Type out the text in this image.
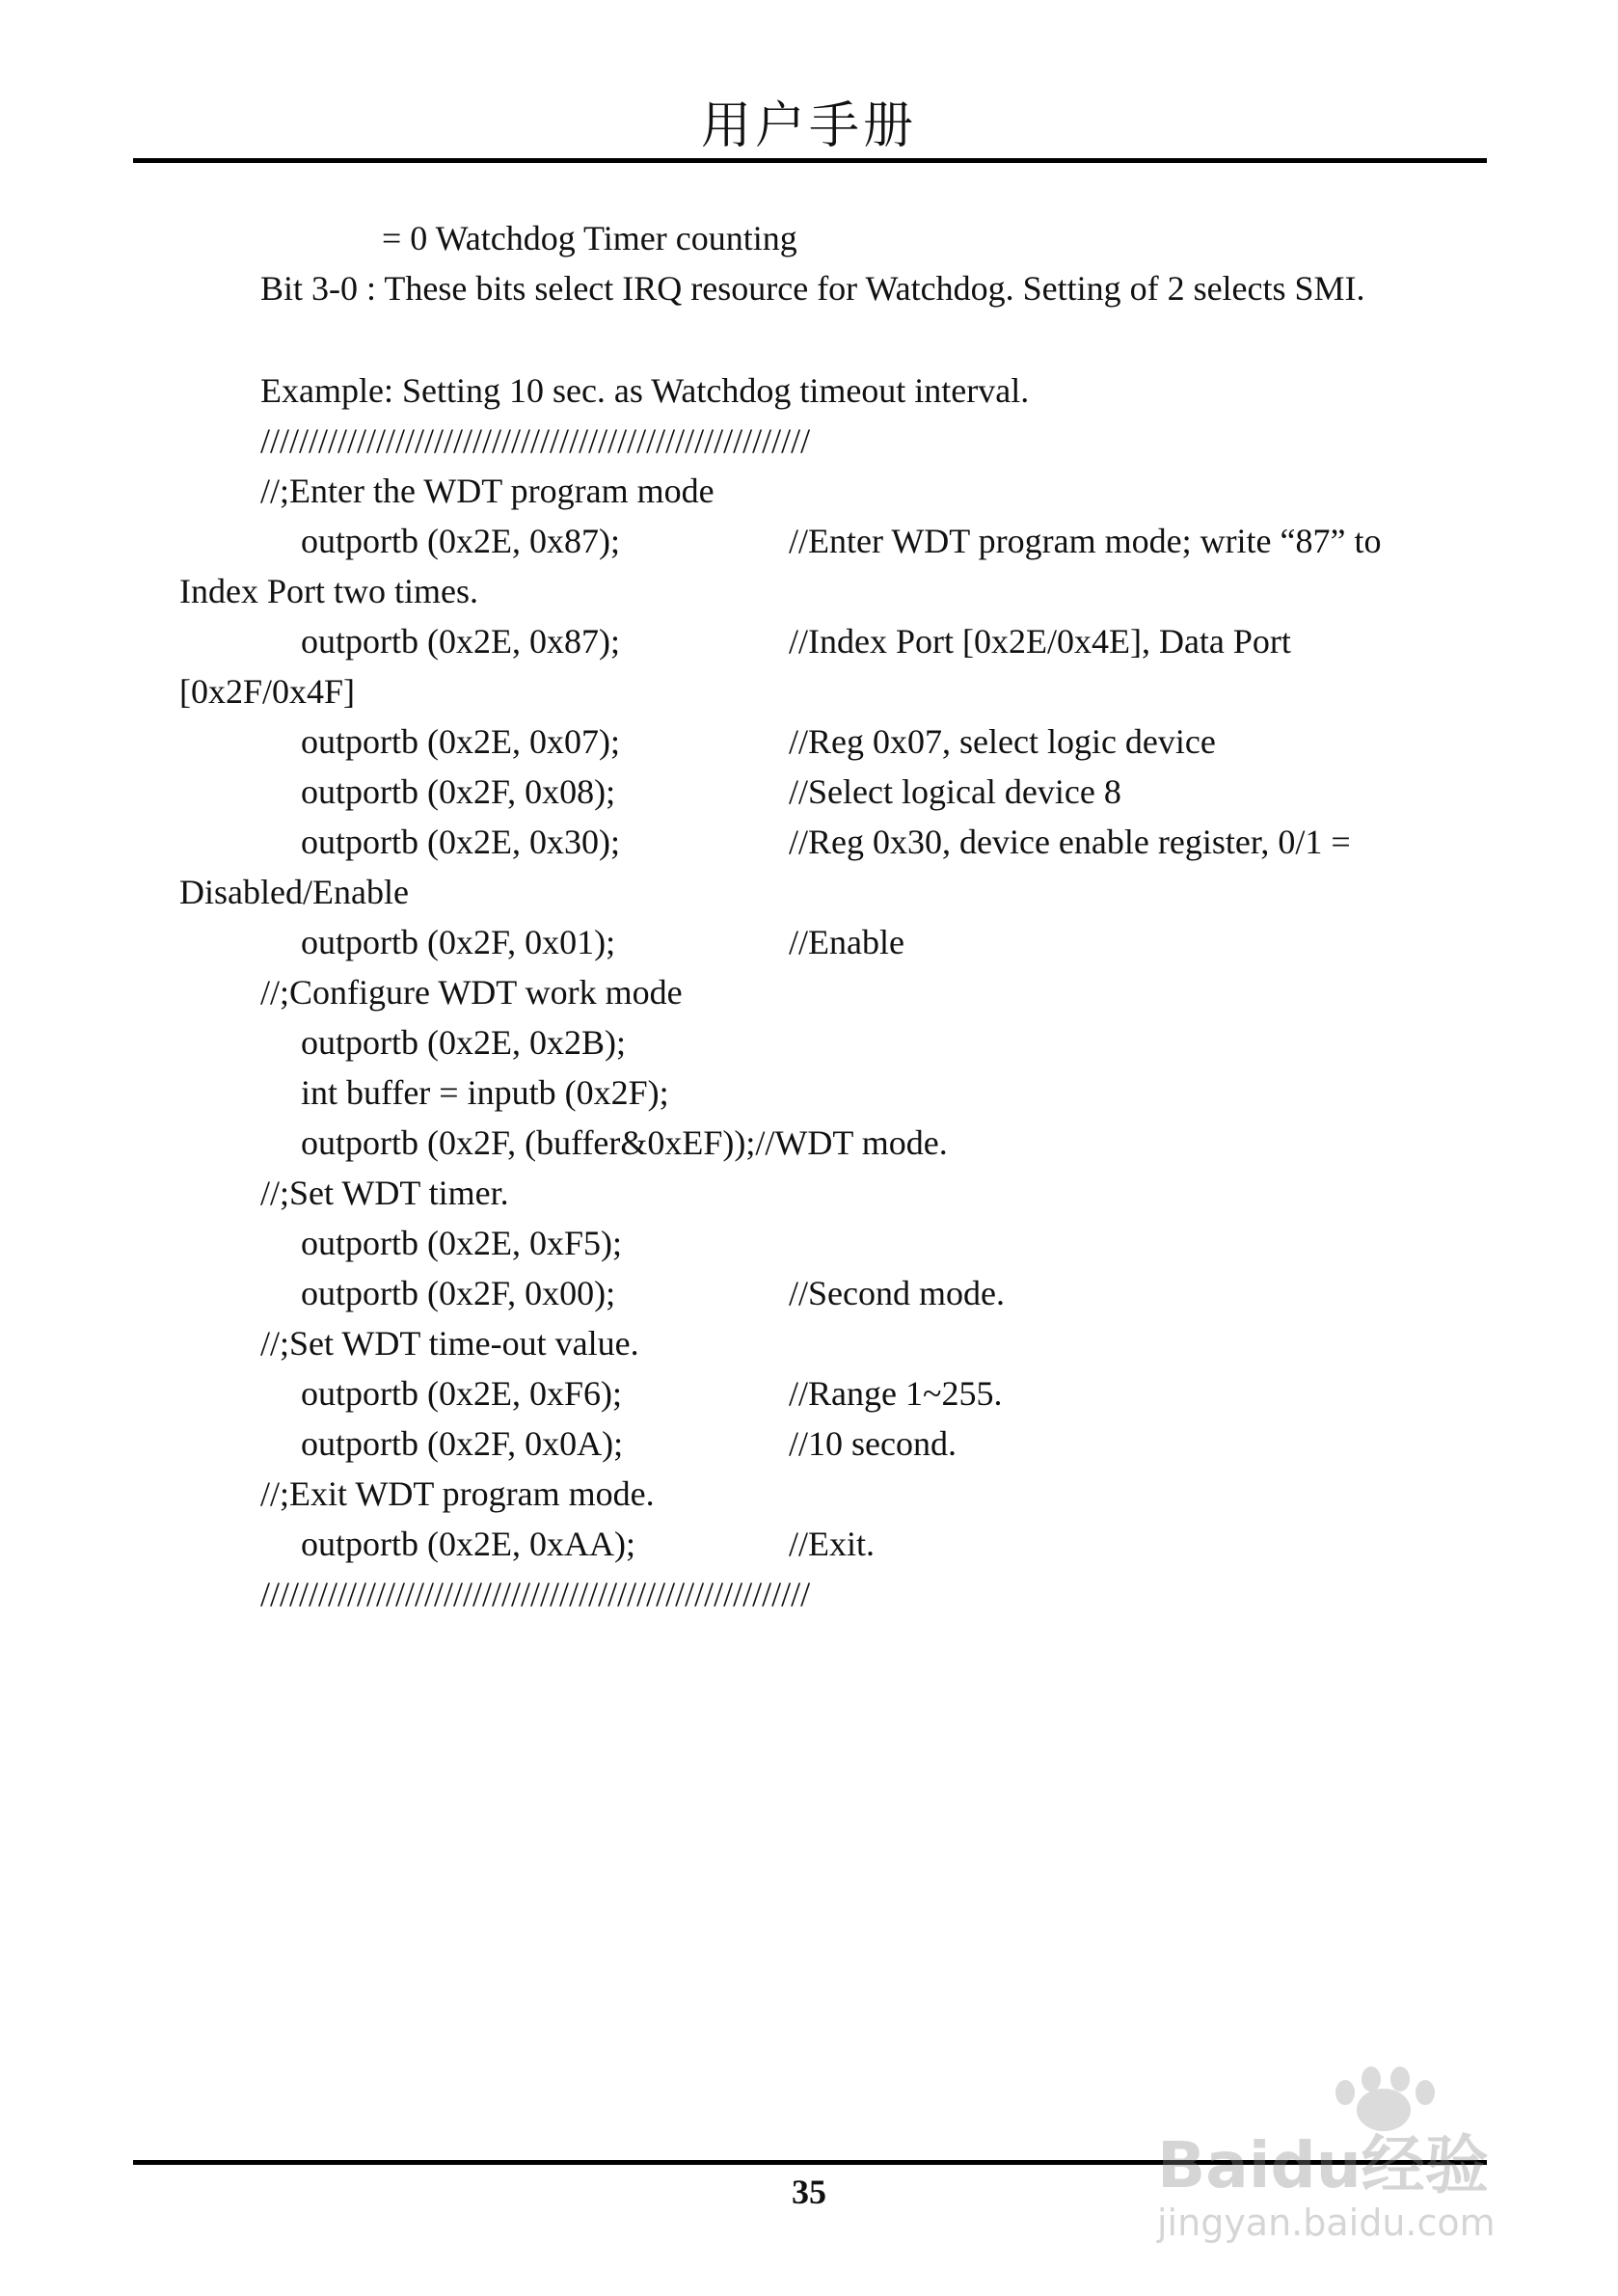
用户手册
= 0 Watchdog Timer counting
Bit 3-0 : These bits select IRQ resource for Watchdog. Setting of 2 selects SMI.
Example: Setting 10 sec. as Watchdog timeout interval.
/////////////////////////////////////////////////////////
//;Enter the WDT program mode
outportb (0x2E, 0x87);	//Enter WDT program mode; write “87” to
Index Port two times.
outportb (0x2E, 0x87);	//Index Port [0x2E/0x4E], Data Port
[0x2F/0x4F]
outportb (0x2E, 0x07);	//Reg 0x07, select logic device
outportb (0x2F, 0x08);	//Select logical device 8
outportb (0x2E, 0x30);	//Reg 0x30, device enable register, 0/1 =
Disabled/Enable
outportb (0x2F, 0x01);	//Enable
//;Configure WDT work mode
outportb (0x2E, 0x2B);
int buffer = inputb (0x2F);
outportb (0x2F, (buffer&0xEF));//WDT mode.
//;Set WDT timer.
outportb (0x2E, 0xF5);
outportb (0x2F, 0x00);	//Second mode.
//;Set WDT time-out value.
outportb (0x2E, 0xF6);	//Range 1~255.
outportb (0x2F, 0x0A);	//10 second.
//;Exit WDT program mode.
outportb (0x2E, 0xAA);	//Exit.
/////////////////////////////////////////////////////////
35	Baidu经验
jingyan.baidu.com
